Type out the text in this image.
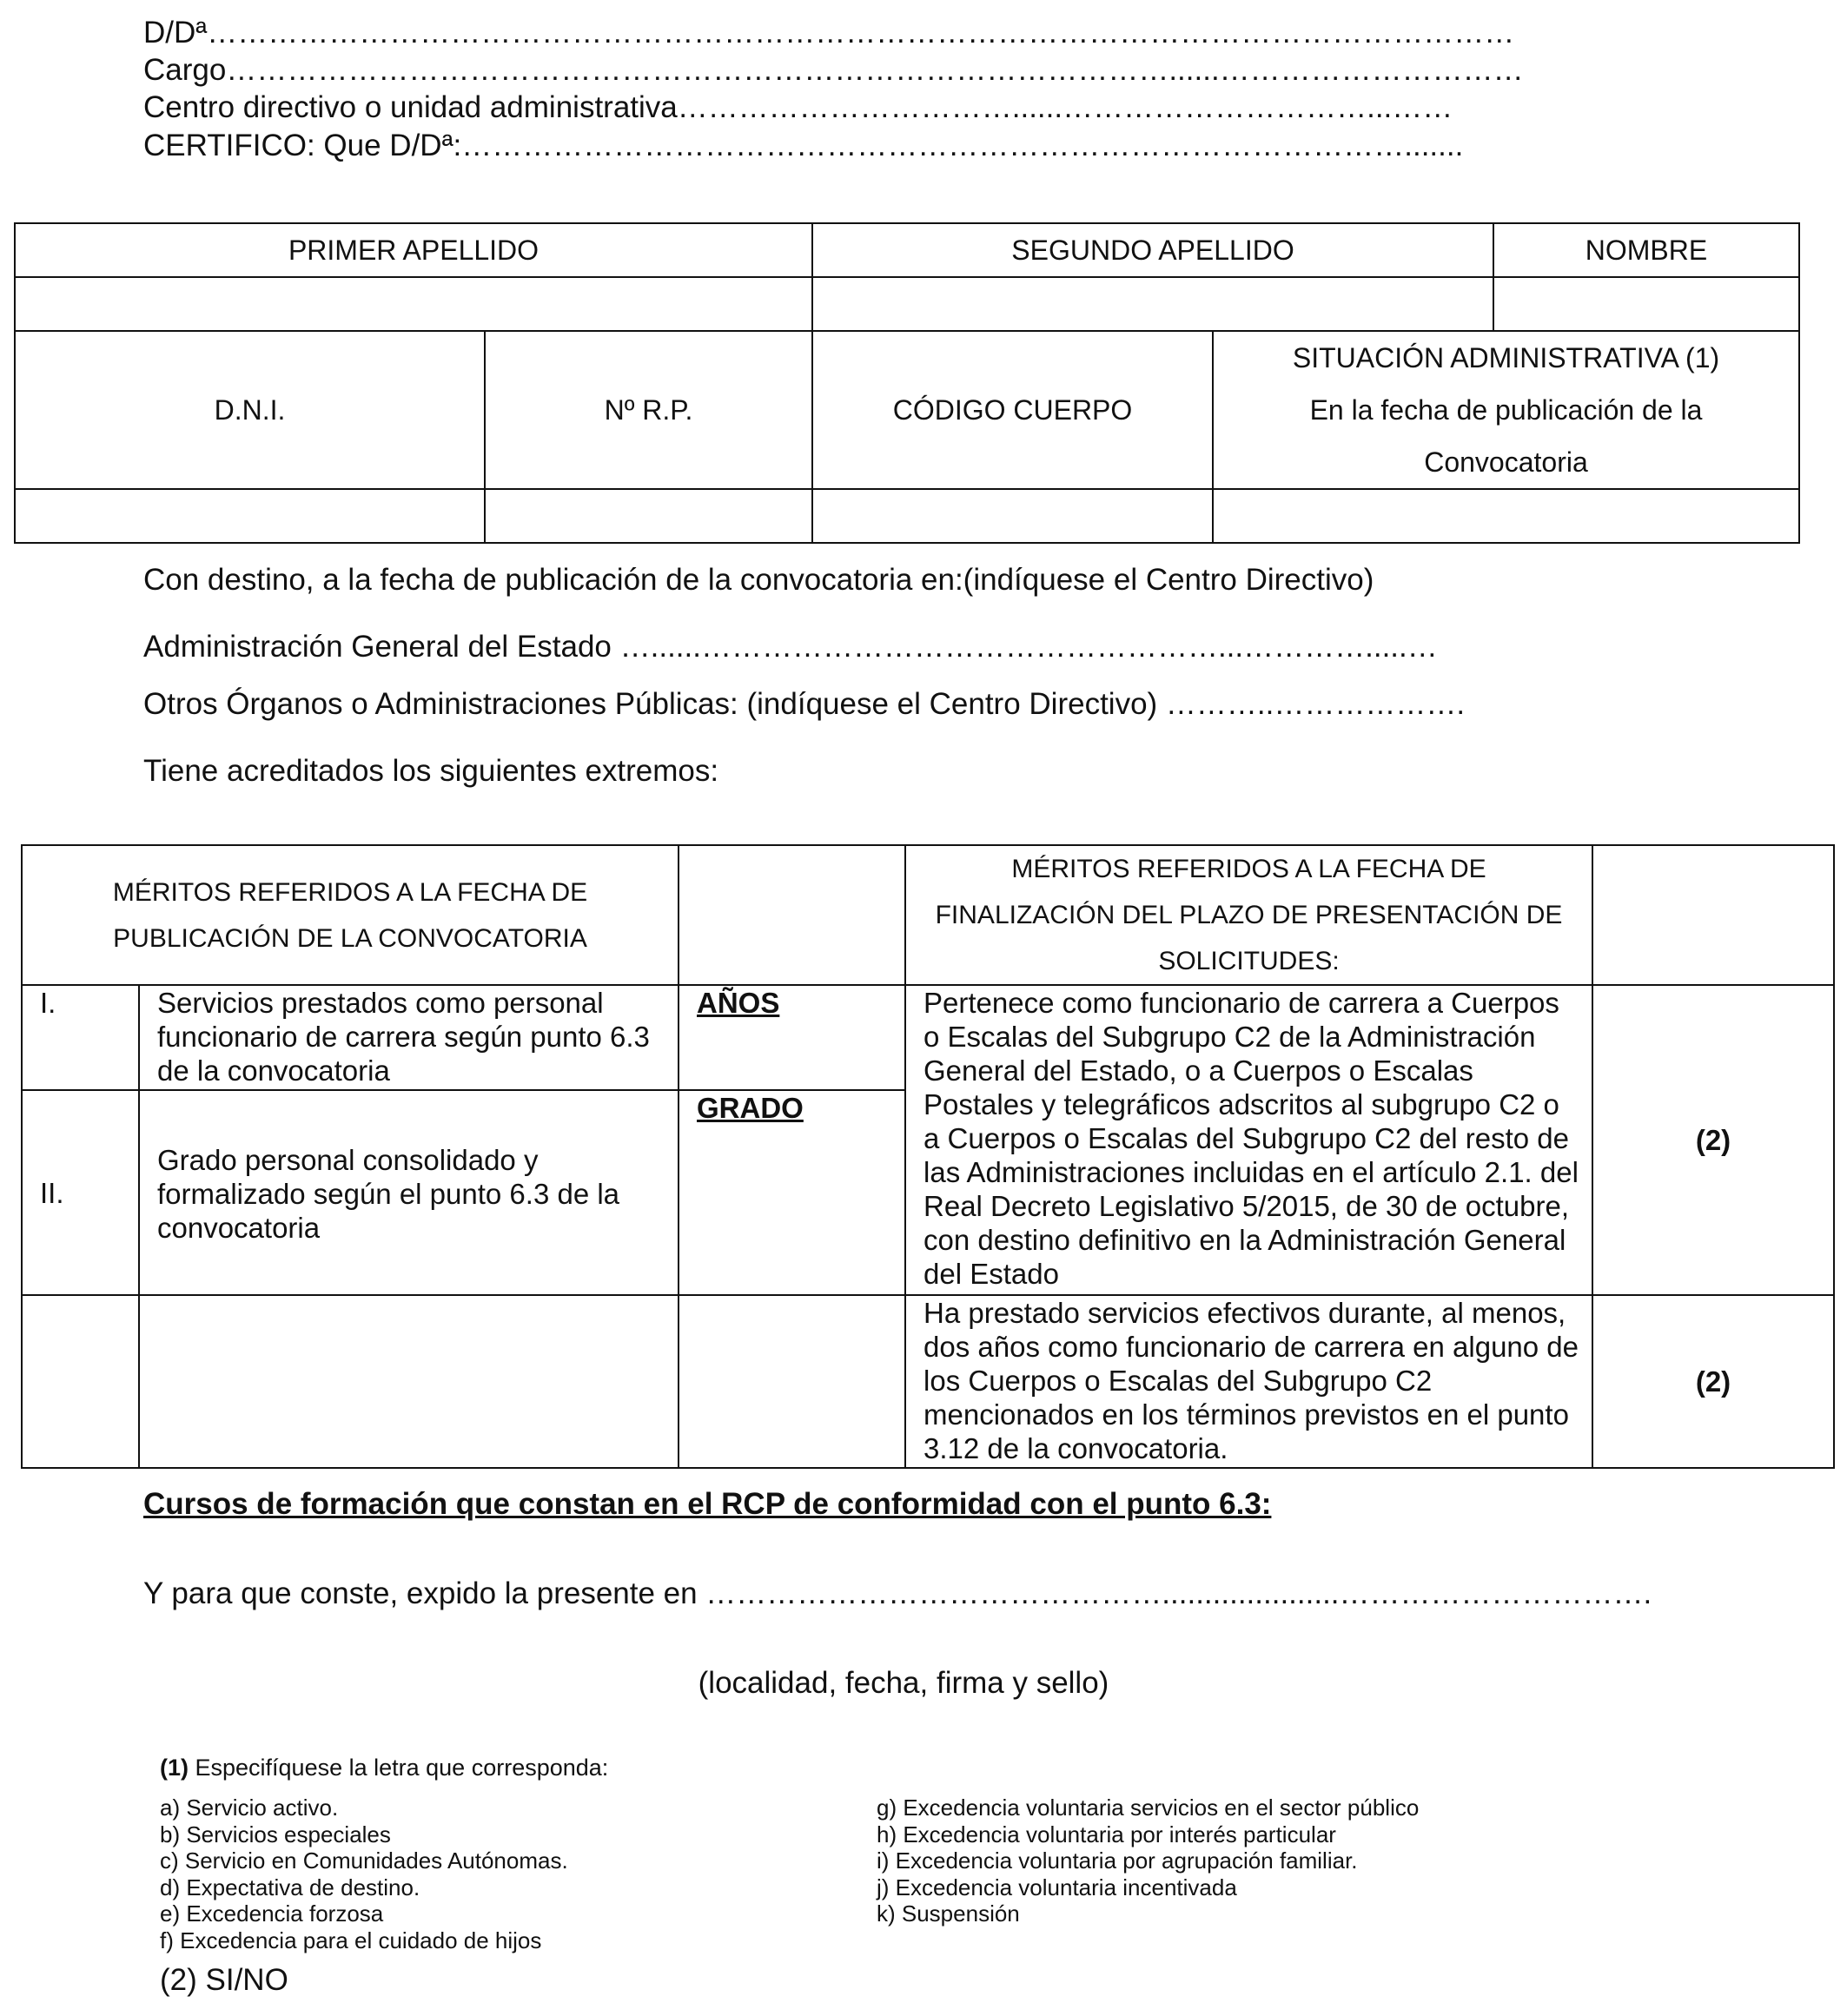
D/Dª…………………………………………………………………………………………………………………
Cargo…………………………………………………………………………………......…………………………
Centro directivo o unidad administrativa……………………………......…………………………...……
CERTIFICO: Que D/Dª:………………………………………………………………………………….......
PRIMER APELLIDO	SEGUNDO APELLIDO	NOMBRE

D.N.I.	Nº R.P.	CÓDIGO CUERPO	
SITUACIÓN ADMINISTRATIVA (1)
En la fecha de publicación de la
Convocatoria

Con destino, a la fecha de publicación de la convocatoria en:(indíquese el Centro Directivo)
Administración General del Estado …......……………………………………………...………….....…
Otros Órganos o Administraciones Públicas: (indíquese el Centro Directivo) ………..……………….
Tiene acreditados los siguientes extremos:
MÉRITOS REFERIDOS A LA FECHA DE
PUBLICACIÓN DE LA CONVOCATORIA

MÉRITOS REFERIDOS A LA FECHA DE
FINALIZACIÓN DEL PLAZO DE PRESENTACIÓN DE
SOLICITUDES:

I.	Servicios prestados como personal funcionario de carrera según punto 6.3 de la convocatoria	AÑOS	Pertenece como funcionario de carrera a Cuerpos o Escalas del Subgrupo C2 de la Administración General del Estado, o a Cuerpos o Escalas Postales y telegráficos adscritos al subgrupo C2 o a Cuerpos o Escalas del Subgrupo C2 del resto de las Administraciones incluidas en el artículo 2.1. del Real Decreto Legislativo 5/2015, de 30 de octubre, con destino definitivo en la Administración General del Estado	(2)
II.	Grado personal consolidado y formalizado según el punto 6.3 de la convocatoria	GRADO
			Ha prestado servicios efectivos durante, al menos, dos años como funcionario de carrera en alguno de los Cuerpos o Escalas del Subgrupo C2 mencionados en los términos previstos en el punto 3.12 de la convocatoria.	(2)
Cursos de formación que constan en el RCP de conformidad con el punto 6.3:
Y para que conste, expido la presente en ……………………………………….....................………………………….
(localidad, fecha, firma y sello)
(1) Especifíquese la letra que corresponda:
a) Servicio activo.
b) Servicios especiales
c) Servicio en Comunidades Autónomas.
d) Expectativa de destino.
e) Excedencia forzosa
f) Excedencia para el cuidado de hijos
g) Excedencia voluntaria servicios en el sector público
h) Excedencia voluntaria por interés particular
i) Excedencia voluntaria por agrupación familiar.
j) Excedencia voluntaria incentivada
k) Suspensión
(2) SI/NO
